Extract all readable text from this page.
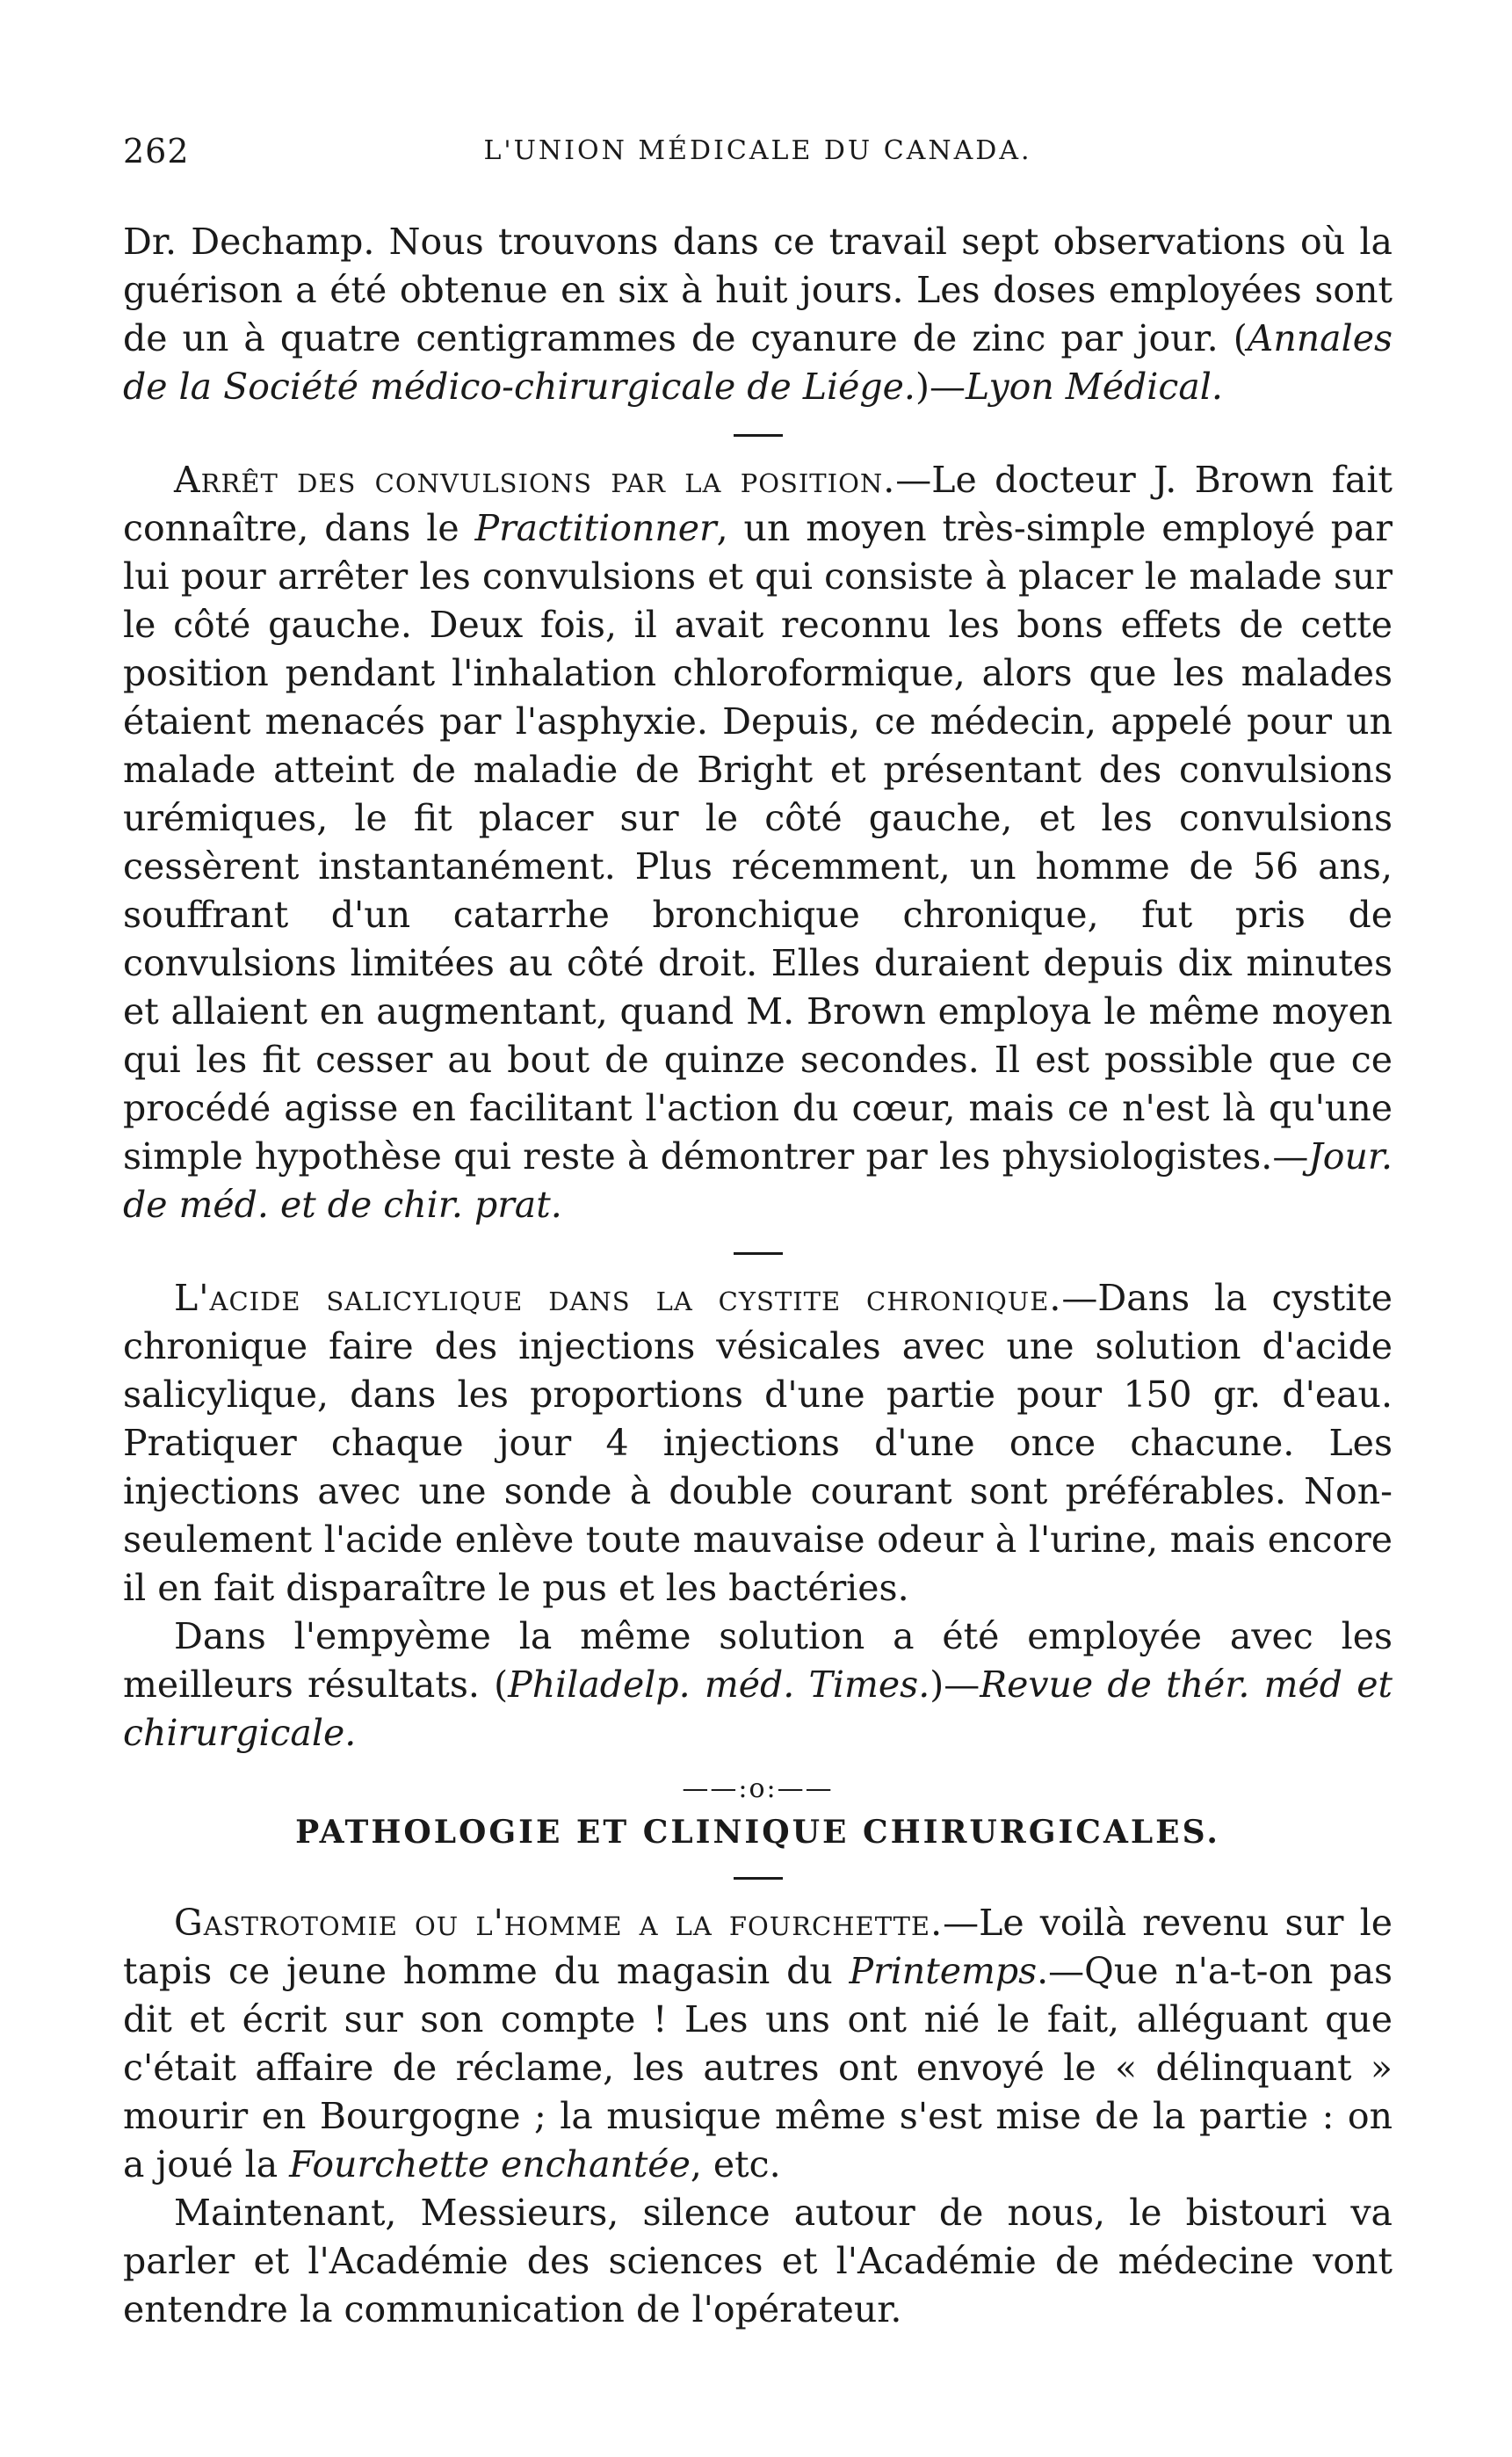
262	L'UNION MÉDICALE DU CANADA.

Dr. Dechamp. Nous trouvons dans ce travail sept observations où la guérison a été obtenue en six à huit jours. Les doses employées sont de un à quatre centigrammes de cyanure de zinc par jour. (Annales de la Société médico-chirurgicale de Liége.)—Lyon Médical.

Arrêt des convulsions par la position.—Le docteur J. Brown fait connaître, dans le Practitionner, un moyen très-simple employé par lui pour arrêter les convulsions et qui consiste à placer le malade sur le côté gauche. Deux fois, il avait reconnu les bons effets de cette position pendant l'inhalation chloroformique, alors que les malades étaient menacés par l'asphyxie. Depuis, ce médecin, appelé pour un malade atteint de maladie de Bright et présentant des convulsions urémiques, le fit placer sur le côté gauche, et les convulsions cessèrent instantanément. Plus récemment, un homme de 56 ans, souffrant d'un catarrhe bronchique chronique, fut pris de convulsions limitées au côté droit. Elles duraient depuis dix minutes et allaient en augmentant, quand M. Brown employa le même moyen qui les fit cesser au bout de quinze secondes. Il est possible que ce procédé agisse en facilitant l'action du cœur, mais ce n'est là qu'une simple hypothèse qui reste à démontrer par les physiologistes.—Jour. de méd. et de chir. prat.

L'acide salicylique dans la cystite chronique.—Dans la cystite chronique faire des injections vésicales avec une solution d'acide salicylique, dans les proportions d'une partie pour 150 gr. d'eau. Pratiquer chaque jour 4 injections d'une once chacune. Les injections avec une sonde à double courant sont préférables. Non-seulement l'acide enlève toute mauvaise odeur à l'urine, mais encore il en fait disparaître le pus et les bactéries.

Dans l'empyème la même solution a été employée avec les meilleurs résultats. (Philadelp. méd. Times.)—Revue de thér. méd et chirurgicale.

——:o:——
PATHOLOGIE ET CLINIQUE CHIRURGICALES.

Gastrotomie ou l'homme a la fourchette.—Le voilà revenu sur le tapis ce jeune homme du magasin du Printemps.—Que n'a-t-on pas dit et écrit sur son compte ! Les uns ont nié le fait, alléguant que c'était affaire de réclame, les autres ont envoyé le « délinquant » mourir en Bourgogne ; la musique même s'est mise de la partie : on a joué la Fourchette enchantée, etc.

Maintenant, Messieurs, silence autour de nous, le bistouri va parler et l'Académie des sciences et l'Académie de médecine vont entendre la communication de l'opérateur.
